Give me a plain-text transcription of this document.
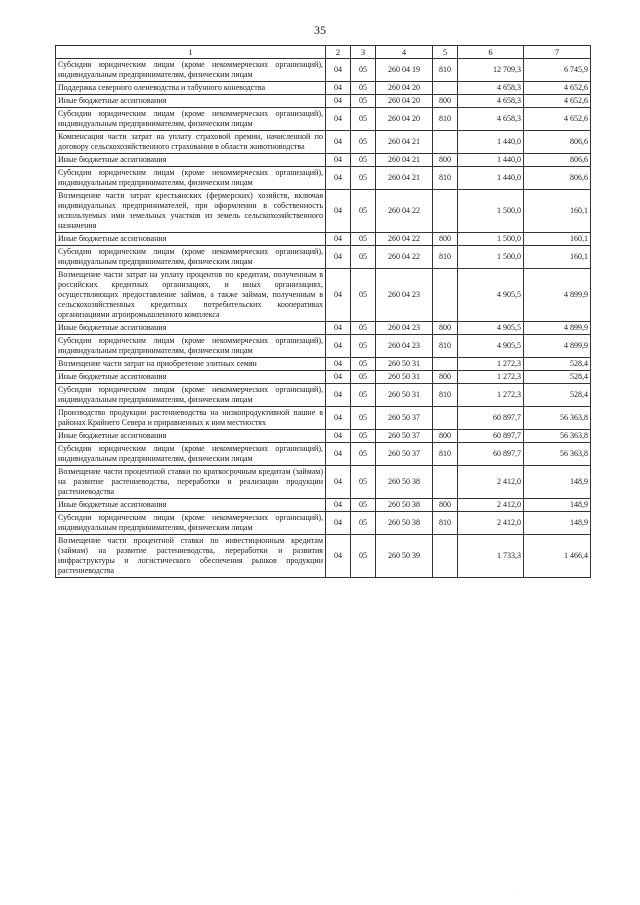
35
1	2	3	4	5	6	7
Субсидии юридическим лицам (кроме некоммерческих организаций), индивидуальным предпринимателям, физическим лицам	04	05	260 04 19	810	12 709,3	6 745,9
Поддержка северного оленеводства и табунного коневодства	04	05	260 04 20		4 658,3	4 652,6
Иные бюджетные ассигнования	04	05	260 04 20	800	4 658,3	4 652,6
Субсидии юридическим лицам (кроме некоммерческих организаций), индивидуальным предпринимателям, физическим лицам	04	05	260 04 20	810	4 658,3	4 652,6
Компенсация части затрат на уплату страховой премии, начисленной по договору сельскохозяйственного страхования в области животноводства	04	05	260 04 21		1 440,0	806,6
Иные бюджетные ассигнования	04	05	260 04 21	800	1 440,0	806,6
Субсидии юридическим лицам (кроме некоммерческих организаций), индивидуальным предпринимателям, физическим лицам	04	05	260 04 21	810	1 440,0	806,6
Возмещение части затрат крестьянских (фермерских) хозяйств, включая индивидуальных предпринимателей, при оформлении в собственность используемых ими земельных участков из земель сельскохозяйственного назначения	04	05	260 04 22		1 500,0	160,1
Иные бюджетные ассигнования	04	05	260 04 22	800	1 500,0	160,1
Субсидии юридическим лицам (кроме некоммерческих организаций), индивидуальным предпринимателям, физическим лицам	04	05	260 04 22	810	1 500,0	160,1
Возмещение части затрат на уплату процентов по кредитам, полученным в российских кредитных организациях, и иных организациях, осуществляющих предоставление займов, а также займам, полученным в сельскохозяйственных кредитных потребительских кооперативах организациями агропромышленного комплекса	04	05	260 04 23		4 905,5	4 899,9
Иные бюджетные ассигнования	04	05	260 04 23	800	4 905,5	4 899,9
Субсидии юридическим лицам (кроме некоммерческих организаций), индивидуальным предпринимателям, физическим лицам	04	05	260 04 23	810	4 905,5	4 899,9
Возмещение части затрат на приобретение элитных семян	04	05	260 50 31		1 272,3	528,4
Иные бюджетные ассигнования	04	05	260 50 31	800	1 272,3	528,4
Субсидии юридическим лицам (кроме некоммерческих организаций), индивидуальным предпринимателям, физическим лицам	04	05	260 50 31	810	1 272,3	528,4
Производство продукции растениеводства на низкопродуктивной пашне в районах Крайнего Севера и приравненных к ним местностях	04	05	260 50 37		60 897,7	56 363,8
Иные бюджетные ассигнования	04	05	260 50 37	800	60 897,7	56 363,8
Субсидии юридическим лицам (кроме некоммерческих организаций), индивидуальным предпринимателям, физическим лицам	04	05	260 50 37	810	60 897,7	56 363,8
Возмещение части процентной ставки по краткосрочным кредитам (займам) на развитие растениеводства, переработки и реализации продукции растениеводства	04	05	260 50 38		2 412,0	148,9
Иные бюджетные ассигнования	04	05	260 50 38	800	2 412,0	148,9
Субсидии юридическим лицам (кроме некоммерческих организаций), индивидуальным предпринимателям, физическим лицам	04	05	260 50 38	810	2 412,0	148,9
Возмещение части процентной ставки по инвестиционным кредитам (займам) на развитие растениеводства, переработки и развития инфраструктуры и логистического обеспечения рынков продукции растениеводства	04	05	260 50 39		1 733,3	1 466,4
·
